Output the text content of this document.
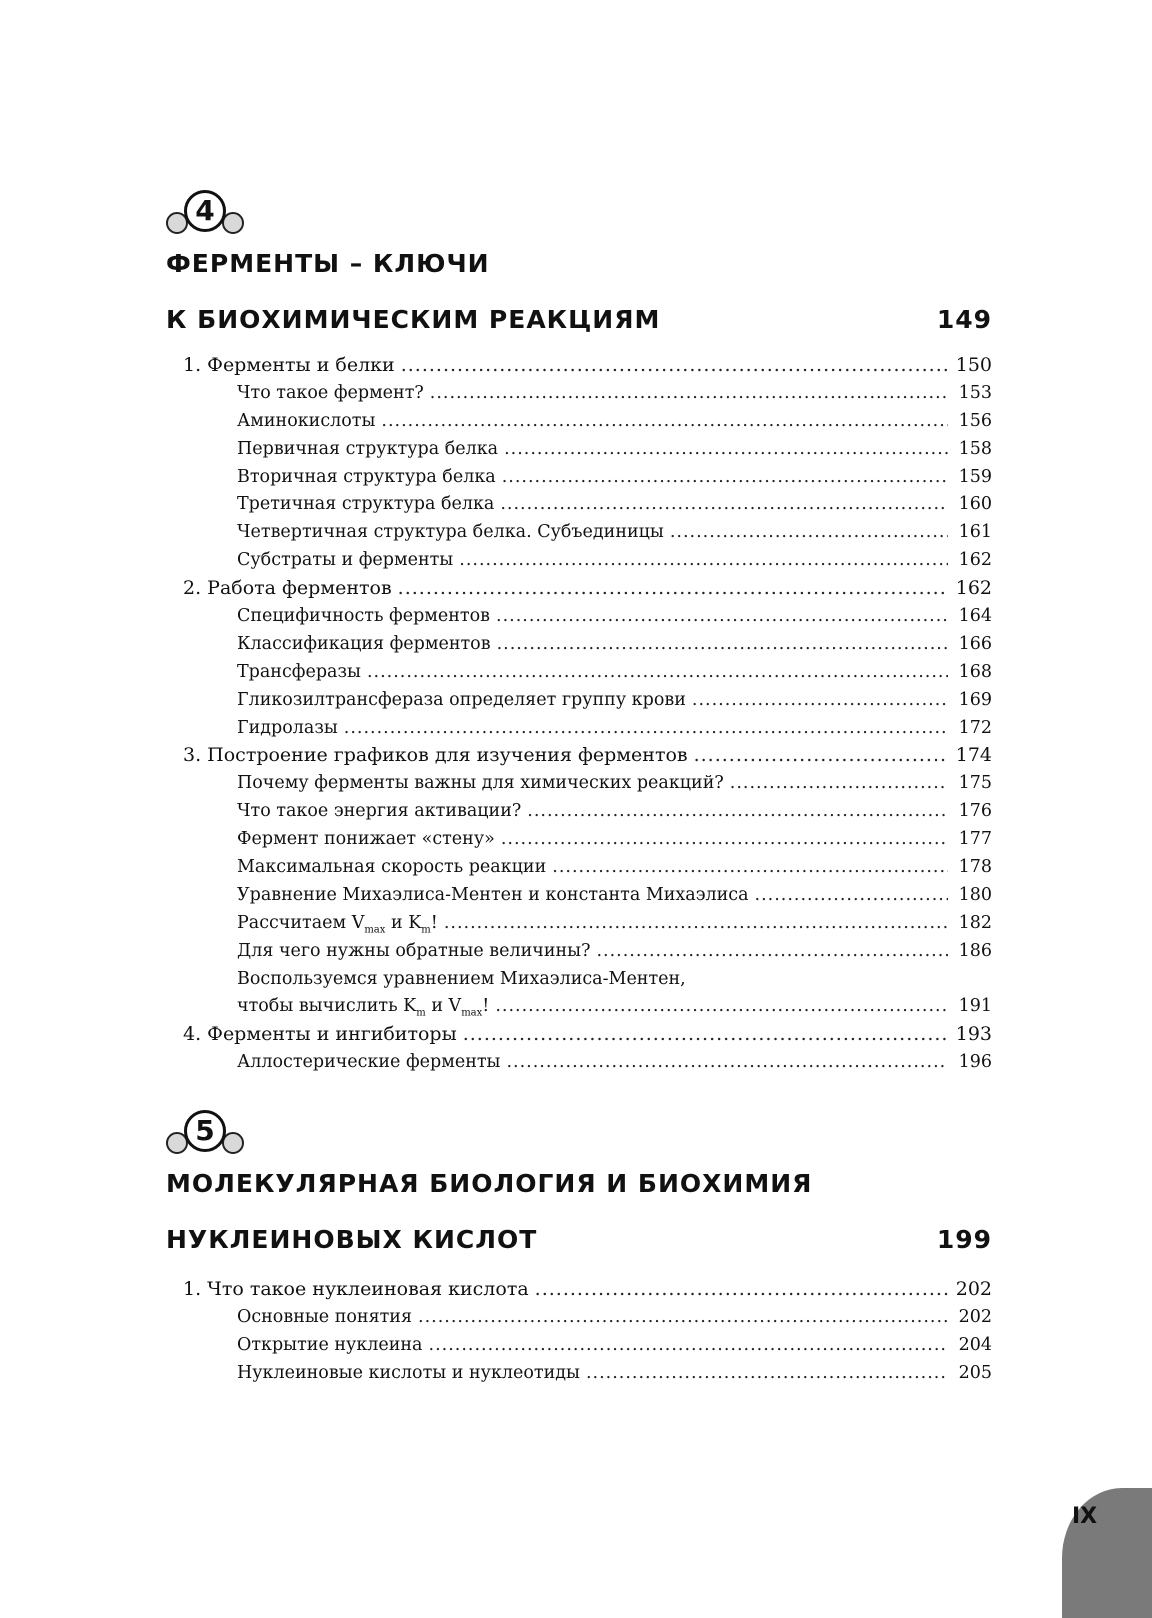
4
ФЕРМЕНТЫ – КЛЮЧИ
К БИОХИМИЧЕСКИМ РЕАКЦИЯМ	149
1. Ферменты и белки .....	150
Что такое фермент? .....	153
Аминокислоты .....	156
Первичная структура белка .....	158
Вторичная структура белка .....	159
Третичная структура белка .....	160
Четвертичная структура белка. Субъединицы .....	161
Субстраты и ферменты .....	162
2. Работа ферментов .....	162
Специфичность ферментов .....	164
Классификация ферментов .....	166
Трансферазы .....	168
Гликозилтрансфераза определяет группу крови .....	169
Гидролазы .....	172
3. Построение графиков для изучения ферментов .....	174
Почему ферменты важны для химических реакций? .....	175
Что такое энергия активации? .....	176
Фермент понижает «стену» .....	177
Максимальная скорость реакции .....	178
Уравнение Михаэлиса-Ментен и константа Михаэлиса .....	180
Рассчитаем $V_{max}$ и $K_m$! .....	182
Для чего нужны обратные величины? .....	186
Воспользуемся уравнением Михаэлиса-Ментен,
чтобы вычислить $K_m$ и $V_{max}$! .....	191
4. Ферменты и ингибиторы .....	193
Аллостерические ферменты .....	196
5
МОЛЕКУЛЯРНАЯ БИОЛОГИЯ И БИОХИМИЯ
НУКЛЕИНОВЫХ КИСЛОТ	199
1. Что такое нуклеиновая кислота .....	202
Основные понятия .....	202
Открытие нуклеина .....	204
Нуклеиновые кислоты и нуклеотиды .....	205
IX
